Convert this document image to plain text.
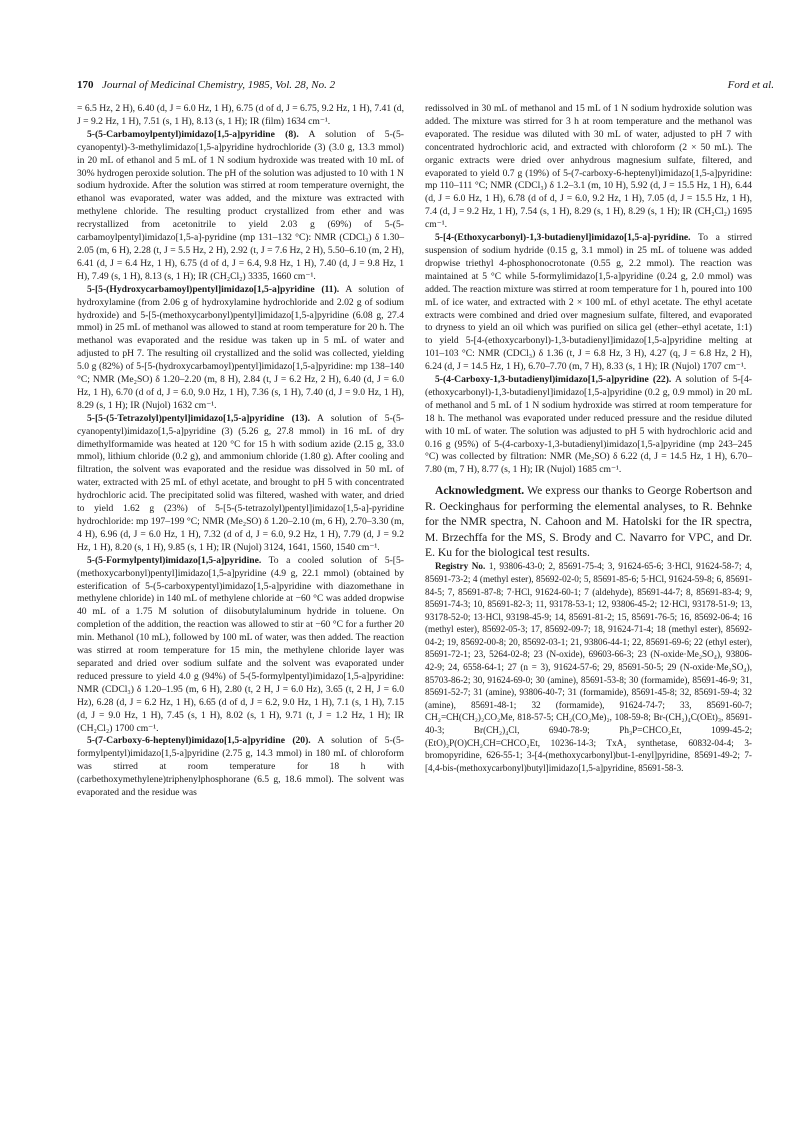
170 Journal of Medicinal Chemistry, 1985, Vol. 28, No. 2	Ford et al.

= 6.5 Hz, 2 H), 6.40 (d, J = 6.0 Hz, 1 H), 6.75 (d of d, J = 6.75, 9.2 Hz, 1 H), 7.41 (d, J = 9.2 Hz, 1 H), 7.51 (s, 1 H), 8.13 (s, 1 H); IR (film) 1634 cm⁻¹.

5-(5-Carbamoylpentyl)imidazo[1,5-a]pyridine (8). A solution of 5-(5-cyanopentyl)-3-methylimidazo[1,5-a]pyridine hydrochloride (3) (3.0 g, 13.3 mmol) in 20 mL of ethanol and 5 mL of 1 N sodium hydroxide was treated with 10 mL of 30% hydrogen peroxide solution. The pH of the solution was adjusted to 10 with 1 N sodium hydroxide. After the solution was stirred at room temperature overnight, the ethanol was evaporated, water was added, and the mixture was extracted with methylene chloride. The resulting product crystallized from ether and was recrystallized from acetonitrile to yield 2.03 g (69%) of 5-(5-carbamoylpentyl)imidazo[1,5-a]-pyridine (mp 131–132 °C): NMR (CDCl₃) δ 1.30–2.05 (m, 6 H), 2.28 (t, J = 5.5 Hz, 2 H), 2.92 (t, J = 7.6 Hz, 2 H), 5.50–6.10 (m, 2 H), 6.41 (d, J = 6.4 Hz, 1 H), 6.75 (d of d, J = 6.4, 9.8 Hz, 1 H), 7.40 (d, J = 9.8 Hz, 1 H), 7.49 (s, 1 H), 8.13 (s, 1 H); IR (CH₂Cl₂) 3335, 1660 cm⁻¹.

5-[5-(Hydroxycarbamoyl)pentyl]imidazo[1,5-a]pyridine (11). A solution of hydroxylamine (from 2.06 g of hydroxylamine hydrochloride and 2.02 g of sodium hydroxide) and 5-[5-(methoxycarbonyl)pentyl]imidazo[1,5-a]pyridine (6.08 g, 27.4 mmol) in 25 mL of methanol was allowed to stand at room temperature for 20 h. The methanol was evaporated and the residue was taken up in 5 mL of water and adjusted to pH 7. The resulting oil crystallized and the solid was collected, yielding 5.0 g (82%) of 5-[5-(hydroxycarbamoyl)pentyl]imidazo[1,5-a]pyridine: mp 138–140 °C; NMR (Me₂SO) δ 1.20–2.20 (m, 8 H), 2.84 (t, J = 6.2 Hz, 2 H), 6.40 (d, J = 6.0 Hz, 1 H), 6.70 (d of d, J = 6.0, 9.0 Hz, 1 H), 7.36 (s, 1 H), 7.40 (d, J = 9.0 Hz, 1 H), 8.29 (s, 1 H); IR (Nujol) 1632 cm⁻¹.

5-[5-(5-Tetrazolyl)pentyl]imidazo[1,5-a]pyridine (13). A solution of 5-(5-cyanopentyl)imidazo[1,5-a]pyridine (3) (5.26 g, 27.8 mmol) in 16 mL of dry dimethylformamide was heated at 120 °C for 15 h with sodium azide (2.15 g, 33.0 mmol), lithium chloride (0.2 g), and ammonium chloride (1.80 g). After cooling and filtration, the solvent was evaporated and the residue was dissolved in 50 mL of water, extracted with 25 mL of ethyl acetate, and brought to pH 5 with concentrated hydrochloric acid. The precipitated solid was filtered, washed with water, and dried to yield 1.62 g (23%) of 5-[5-(5-tetrazolyl)pentyl]imidazo[1,5-a]-pyridine hydrochloride: mp 197–199 °C; NMR (Me₂SO) δ 1.20–2.10 (m, 6 H), 2.70–3.30 (m, 4 H), 6.96 (d, J = 6.0 Hz, 1 H), 7.32 (d of d, J = 6.0, 9.2 Hz, 1 H), 7.79 (d, J = 9.2 Hz, 1 H), 8.20 (s, 1 H), 9.85 (s, 1 H); IR (Nujol) 3124, 1641, 1560, 1540 cm⁻¹.

5-(5-Formylpentyl)imidazo[1,5-a]pyridine. To a cooled solution of 5-[5-(methoxycarbonyl)pentyl]imidazo[1,5-a]pyridine (4.9 g, 22.1 mmol) (obtained by esterification of 5-(5-carboxypentyl)imidazo[1,5-a]pyridine with diazomethane in methylene chloride) in 140 mL of methylene chloride at −60 °C was added dropwise 40 mL of a 1.75 M solution of diisobutylaluminum hydride in toluene. On completion of the addition, the reaction was allowed to stir at −60 °C for a further 20 min. Methanol (10 mL), followed by 100 mL of water, was then added. The reaction was stirred at room temperature for 15 min, the methylene chloride layer was separated and dried over sodium sulfate and the solvent was evaporated under reduced pressure to yield 4.0 g (94%) of 5-(5-formylpentyl)imidazo[1,5-a]pyridine: NMR (CDCl₃) δ 1.20–1.95 (m, 6 H), 2.80 (t, 2 H, J = 6.0 Hz), 3.65 (t, 2 H, J = 6.0 Hz), 6.28 (d, J = 6.2 Hz, 1 H), 6.65 (d of d, J = 6.2, 9.0 Hz, 1 H), 7.1 (s, 1 H), 7.15 (d, J = 9.0 Hz, 1 H), 7.45 (s, 1 H), 8.02 (s, 1 H), 9.71 (t, J = 1.2 Hz, 1 H); IR (CH₂Cl₂) 1700 cm⁻¹.

5-(7-Carboxy-6-heptenyl)imidazo[1,5-a]pyridine (20). A solution of 5-(5-formylpentyl)imidazo[1,5-a]pyridine (2.75 g, 14.3 mmol) in 180 mL of chloroform was stirred at room temperature for 18 h with (carbethoxymethylene)triphenylphosphorane (6.5 g, 18.6 mmol). The solvent was evaporated and the residue was

redissolved in 30 mL of methanol and 15 mL of 1 N sodium hydroxide solution was added. The mixture was stirred for 3 h at room temperature and the methanol was evaporated. The residue was diluted with 30 mL of water, adjusted to pH 7 with concentrated hydrochloric acid, and extracted with chloroform (2 × 50 mL). The organic extracts were dried over anhydrous magnesium sulfate, filtered, and evaporated to yield 0.7 g (19%) of 5-(7-carboxy-6-heptenyl)imidazo[1,5-a]pyridine: mp 110–111 °C; NMR (CDCl₃) δ 1.2–3.1 (m, 10 H), 5.92 (d, J = 15.5 Hz, 1 H), 6.44 (d, J = 6.0 Hz, 1 H), 6.78 (d of d, J = 6.0, 9.2 Hz, 1 H), 7.05 (d, J = 15.5 Hz, 1 H), 7.4 (d, J = 9.2 Hz, 1 H), 7.54 (s, 1 H), 8.29 (s, 1 H), 8.29 (s, 1 H); IR (CH₂Cl₂) 1695 cm⁻¹.

5-[4-(Ethoxycarbonyl)-1,3-butadienyl]imidazo[1,5-a]-pyridine. To a stirred suspension of sodium hydride (0.15 g, 3.1 mmol) in 25 mL of toluene was added dropwise triethyl 4-phosphonocrotonate (0.55 g, 2.2 mmol). The reaction was maintained at 5 °C while 5-formylimidazo[1,5-a]pyridine (0.24 g, 2.0 mmol) was added. The reaction mixture was stirred at room temperature for 1 h, poured into 100 mL of ice water, and extracted with 2 × 100 mL of ethyl acetate. The ethyl acetate extracts were combined and dried over magnesium sulfate, filtered, and evaporated to dryness to yield an oil which was purified on silica gel (ether–ethyl acetate, 1:1) to yield 5-[4-(ethoxycarbonyl)-1,3-butadienyl]imidazo[1,5-a]pyridine melting at 101–103 °C: NMR (CDCl₃) δ 1.36 (t, J = 6.8 Hz, 3 H), 4.27 (q, J = 6.8 Hz, 2 H), 6.24 (d, J = 14.5 Hz, 1 H), 6.70–7.70 (m, 7 H), 8.33 (s, 1 H); IR (Nujol) 1707 cm⁻¹.

5-(4-Carboxy-1,3-butadienyl)imidazo[1,5-a]pyridine (22). A solution of 5-[4-(ethoxycarbonyl)-1,3-butadienyl]imidazo[1,5-a]pyridine (0.2 g, 0.9 mmol) in 20 mL of methanol and 5 mL of 1 N sodium hydroxide was stirred at room temperature for 18 h. The methanol was evaporated under reduced pressure and the residue diluted with 10 mL of water. The solution was adjusted to pH 5 with hydrochloric acid and 0.16 g (95%) of 5-(4-carboxy-1,3-butadienyl)imidazo[1,5-a]pyridine (mp 243–245 °C) was collected by filtration: NMR (Me₂SO) δ 6.22 (d, J = 14.5 Hz, 1 H), 6.70–7.80 (m, 7 H), 8.77 (s, 1 H); IR (Nujol) 1685 cm⁻¹.

Acknowledgment. We express our thanks to George Robertson and R. Oeckinghaus for performing the elemental analyses, to R. Behnke for the NMR spectra, N. Cahoon and M. Hatolski for the IR spectra, M. Brzechffa for the MS, S. Brody and C. Navarro for VPC, and Dr. E. Ku for the biological test results.

Registry No. 1, 93806-43-0; 2, 85691-75-4; 3, 91624-65-6; 3·HCl, 91624-58-7; 4, 85691-73-2; 4 (methyl ester), 85692-02-0; 5, 85691-85-6; 5·HCl, 91624-59-8; 6, 85691-84-5; 7, 85691-87-8; 7·HCl, 91624-60-1; 7 (aldehyde), 85691-44-7; 8, 85691-83-4; 9, 85691-74-3; 10, 85691-82-3; 11, 93178-53-1; 12, 93806-45-2; 12·HCl, 93178-51-9; 13, 93178-52-0; 13·HCl, 93198-45-9; 14, 85691-81-2; 15, 85691-76-5; 16, 85692-06-4; 16 (methyl ester), 85692-05-3; 17, 85692-09-7; 18, 91624-71-4; 18 (methyl ester), 85692-04-2; 19, 85692-00-8; 20, 85692-03-1; 21, 93806-44-1; 22, 85691-69-6; 22 (ethyl ester), 85691-72-1; 23, 5264-02-8; 23 (N-oxide), 69603-66-3; 23 (N-oxide·Me₂SO₄), 93806-42-9; 24, 6558-64-1; 27 (n = 3), 91624-57-6; 29, 85691-50-5; 29 (N-oxide·Me₂SO₄), 85703-86-2; 30, 91624-69-0; 30 (amine), 85691-53-8; 30 (formamide), 85691-46-9; 31, 85691-52-7; 31 (amine), 93806-40-7; 31 (formamide), 85691-45-8; 32, 85691-59-4; 32 (amine), 85691-48-1; 32 (formamide), 91624-74-7; 33, 85691-60-7; CH₂=CH(CH₂)₂CO₂Me, 818-57-5; CH₂(CO₂Me)₂, 108-59-8; Br-(CH₂)₄C(OEt)₃, 85691-40-3; Br(CH₂)₄Cl, 6940-78-9; Ph₃P=CHCO₂Et, 1099-45-2; (EtO)₂P(O)CH₂CH=CHCO₂Et, 10236-14-3; TxA₂ synthetase, 60832-04-4; 3-bromopyridine, 626-55-1; 3-[4-(methoxycarbonyl)but-1-enyl]pyridine, 85691-49-2; 7-[4,4-bis-(methoxycarbonyl)butyl]imidazo[1,5-a]pyridine, 85691-58-3.
